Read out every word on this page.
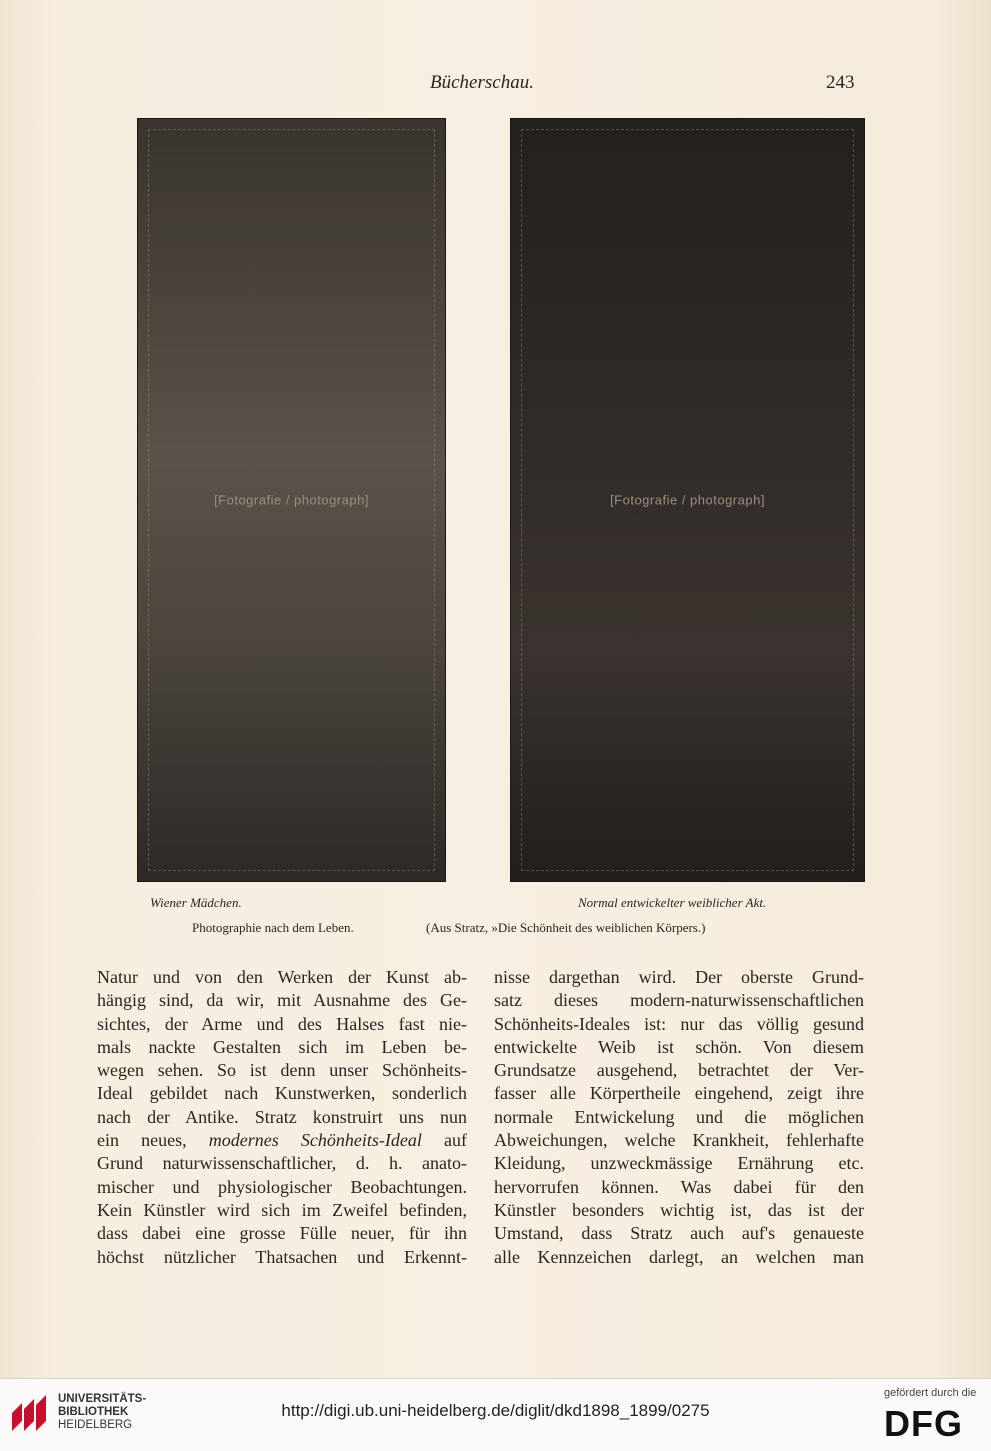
Bücherschau.	243
[Fotografie / photograph]	[Fotografie / photograph]
Wiener Mädchen.	Normal entwickelter weiblicher Akt.
Photographie nach dem Leben.	(Aus Stratz, »Die Schönheit des weiblichen Körpers.)
Natur und von den Werken der Kunst ab-
hängig sind, da wir, mit Ausnahme des Ge-
sichtes, der Arme und des Halses fast nie-
mals nackte Gestalten sich im Leben be-
wegen sehen. So ist denn unser Schönheits-
Ideal gebildet nach Kunstwerken, sonderlich
nach der Antike. Stratz konstruirt uns nun
ein neues, modernes Schönheits-Ideal auf
Grund naturwissenschaftlicher, d. h. anato-
mischer und physiologischer Beobachtungen.
Kein Künstler wird sich im Zweifel befinden,
dass dabei eine grosse Fülle neuer, für ihn
höchst nützlicher Thatsachen und Erkennt-
nisse dargethan wird. Der oberste Grund-
satz dieses modern-naturwissenschaftlichen
Schönheits-Ideales ist: nur das völlig gesund
entwickelte Weib ist schön. Von diesem
Grundsatze ausgehend, betrachtet der Ver-
fasser alle Körpertheile eingehend, zeigt ihre
normale Entwickelung und die möglichen
Abweichungen, welche Krankheit, fehlerhafte
Kleidung, unzweckmässige Ernährung etc.
hervorrufen können. Was dabei für den
Künstler besonders wichtig ist, das ist der
Umstand, dass Stratz auch auf's genaueste
alle Kennzeichen darlegt, an welchen man
UNIVERSITÄTS-
BIBLIOTHEK
HEIDELBERG
http://digi.ub.uni-heidelberg.de/diglit/dkd1898_1899/0275
gefördert durch die
DFG
